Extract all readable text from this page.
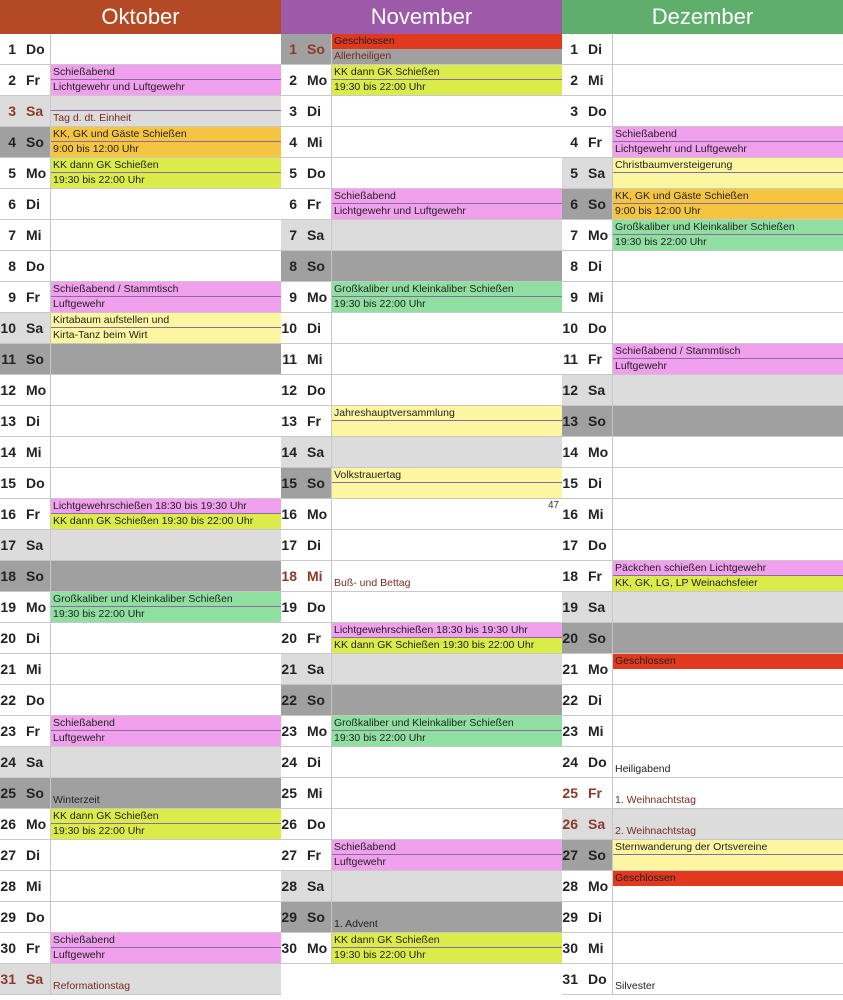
Oktober
1 Do
2 Fr Schießabend
Lichtgewehr und Luftgewehr
3 Sa Tag d. dt. Einheit
4 So KK, GK und Gäste Schießen
9:00 bis 12:00 Uhr
5 Mo KK dann GK Schießen
19:30 bis 22:00 Uhr
6 Di
7 Mi
8 Do
9 Fr Schießabend / Stammtisch
Luftgewehr
10 Sa Kirtabaum aufstellen und
Kirta-Tanz beim Wirt
11 So
12 Mo
13 Di
14 Mi
15 Do
16 Fr Lichtgewehrschießen 18:30 bis 19:30 Uhr
KK dann GK Schießen 19:30 bis 22:00 Uhr
17 Sa
18 So
19 Mo Großkaliber und Kleinkaliber Schießen
19:30 bis 22:00 Uhr
20 Di
21 Mi
22 Do
23 Fr Schießabend
Luftgewehr
24 Sa
25 So Winterzeit
26 Mo KK dann GK Schießen
19:30 bis 22:00 Uhr
27 Di
28 Mi
29 Do
30 Fr Schießabend
Luftgewehr
31 Sa Reformationstag
November
1 So Geschlossen
Allerheiligen
2 Mo KK dann GK Schießen
19:30 bis 22:00 Uhr
3 Di
4 Mi
5 Do
6 Fr Schießabend
Lichtgewehr und Luftgewehr
7 Sa
8 So
9 Mo Großkaliber und Kleinkaliber Schießen
19:30 bis 22:00 Uhr
10 Di
11 Mi
12 Do
13 Fr Jahreshauptversammlung
14 Sa
15 So Volkstrauertag
16 Mo
17 Di
18 Mi Buß- und Bettag
19 Do
20 Fr Lichtgewehrschießen 18:30 bis 19:30 Uhr
KK dann GK Schießen 19:30 bis 22:00 Uhr
21 Sa
22 So
23 Mo Großkaliber und Kleinkaliber Schießen
19:30 bis 22:00 Uhr
24 Di
25 Mi
26 Do
27 Fr Schießabend
Luftgewehr
28 Sa
29 So 1. Advent
30 Mo KK dann GK Schießen
19:30 bis 22:00 Uhr
Dezember
1 Di
2 Mi
3 Do
4 Fr Schießabend
Lichtgewehr und Luftgewehr
5 Sa Christbaumversteigerung
6 So KK, GK und Gäste Schießen
9:00 bis 12:00 Uhr
7 Mo Großkaliber und Kleinkaliber Schießen
19:30 bis 22:00 Uhr
8 Di
9 Mi
10 Do
11 Fr Schießabend / Stammtisch
Luftgewehr
12 Sa
13 So
14 Mo
15 Di
16 Mi
17 Do
18 Fr Päckchen schießen Lichtgewehr
KK, GK, LG, LP Weinachsfeier
19 Sa
20 So
21 Mo Geschlossen
22 Di
23 Mi
24 Do Heiligabend
25 Fr 1. Weihnachtstag
26 Sa 2. Weihnachtstag
27 So Sternwanderung der Ortsvereine
28 Mo Geschlossen
29 Di
30 Mi
31 Do Silvester
47
